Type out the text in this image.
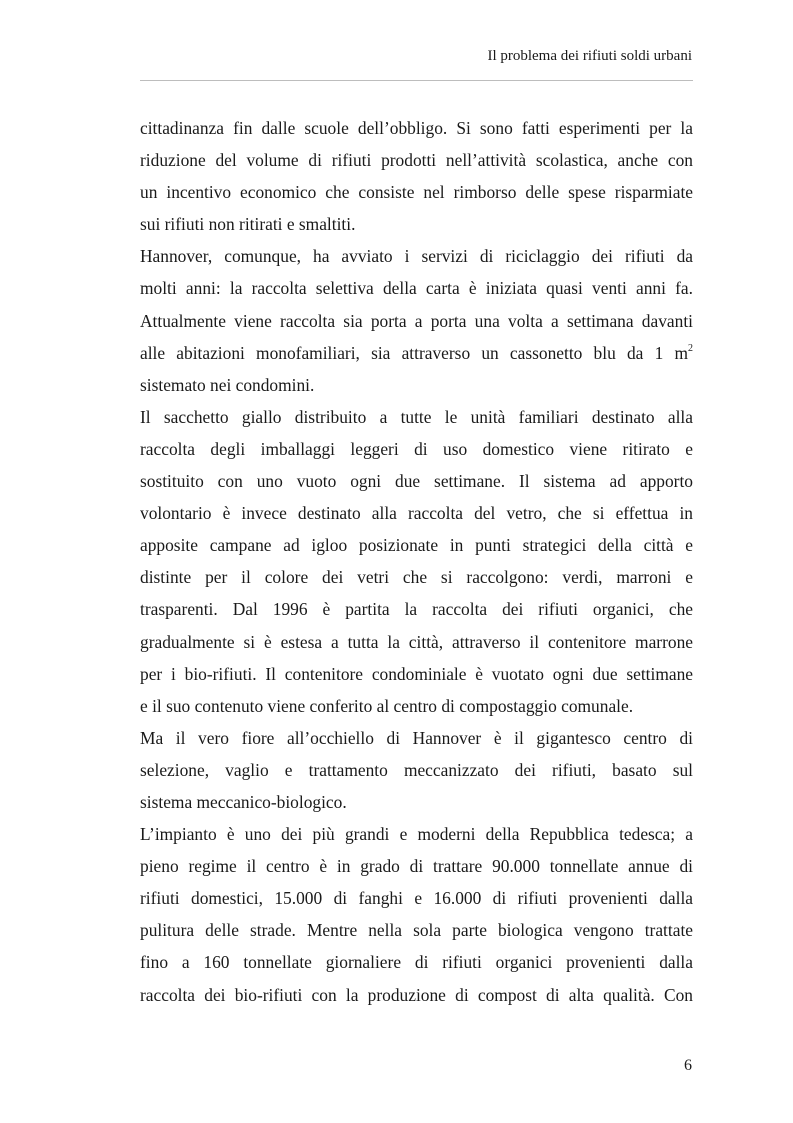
Il problema dei rifiuti soldi urbani

cittadinanza fin dalle scuole dell’obbligo. Si sono fatti esperimenti per la
riduzione del volume di rifiuti prodotti nell’attività scolastica, anche con
un incentivo economico che consiste nel rimborso delle spese risparmiate
sui rifiuti non ritirati e smaltiti.

Hannover, comunque, ha avviato i servizi di riciclaggio dei rifiuti da
molti anni: la raccolta selettiva della carta è iniziata quasi venti anni fa.
Attualmente viene raccolta sia porta a porta una volta a settimana davanti
alle abitazioni monofamiliari, sia attraverso un cassonetto blu da 1 $m^2$
sistemato nei condomini.

Il sacchetto giallo distribuito a tutte le unità familiari destinato alla
raccolta degli imballaggi leggeri di uso domestico viene ritirato e
sostituito con uno vuoto ogni due settimane. Il sistema ad apporto
volontario è invece destinato alla raccolta del vetro, che si effettua in
apposite campane ad igloo posizionate in punti strategici della città e
distinte per il colore dei vetri che si raccolgono: verdi, marroni e
trasparenti. Dal 1996 è partita la raccolta dei rifiuti organici, che
gradualmente si è estesa a tutta la città, attraverso il contenitore marrone
per i bio-rifiuti. Il contenitore condominiale è vuotato ogni due settimane
e il suo contenuto viene conferito al centro di compostaggio comunale.

Ma il vero fiore all’occhiello di Hannover è il gigantesco centro di
selezione, vaglio e trattamento meccanizzato dei rifiuti, basato sul
sistema meccanico-biologico.

L’impianto è uno dei più grandi e moderni della Repubblica tedesca; a
pieno regime il centro è in grado di trattare 90.000 tonnellate annue di
rifiuti domestici, 15.000 di fanghi e 16.000 di rifiuti provenienti dalla
pulitura delle strade. Mentre nella sola parte biologica vengono trattate
fino a 160 tonnellate giornaliere di rifiuti organici provenienti dalla
raccolta dei bio-rifiuti con la produzione di compost di alta qualità. Con

6
